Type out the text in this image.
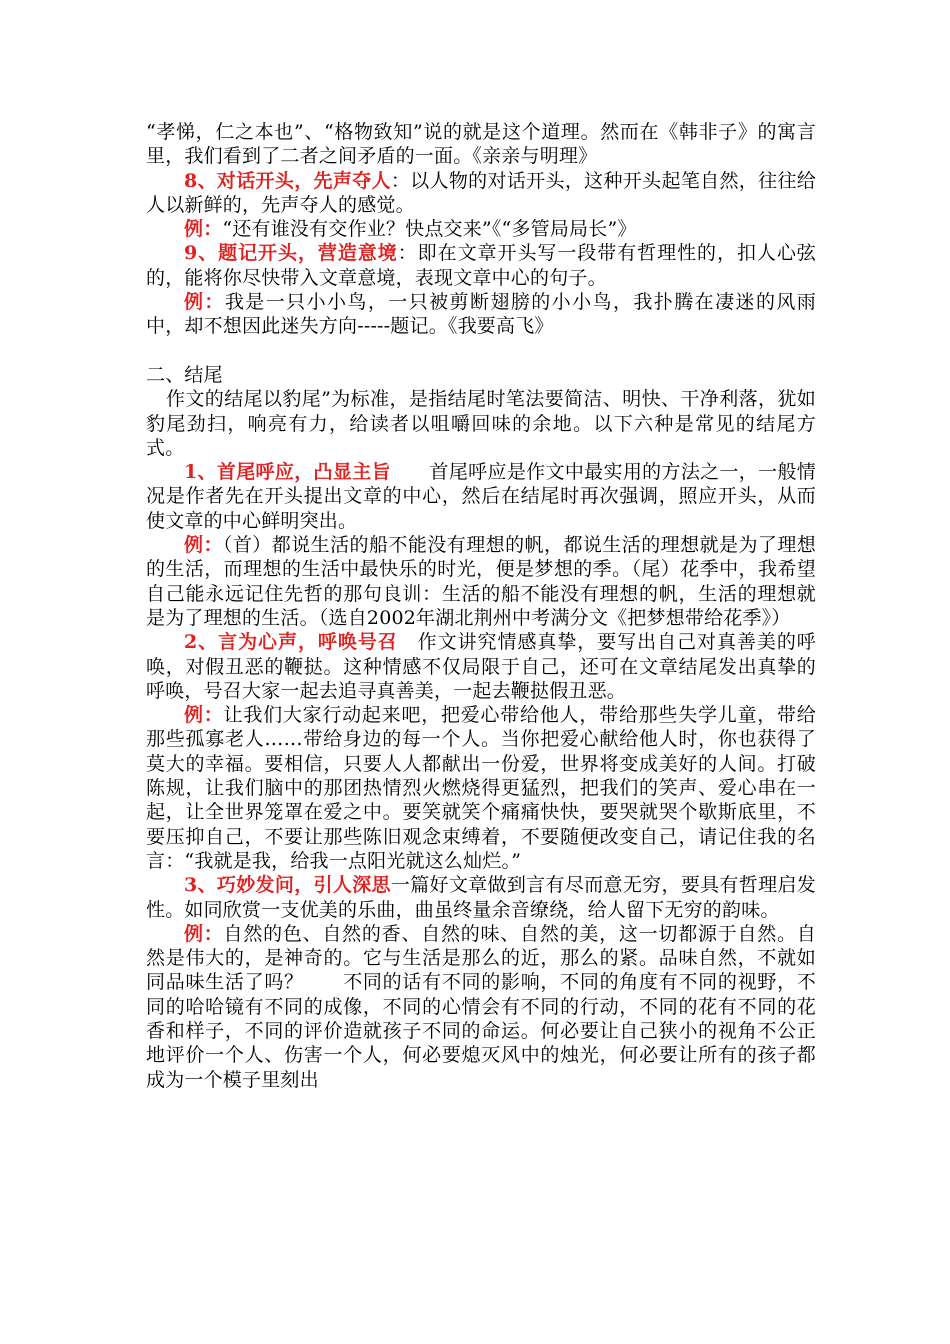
“孝悌，仁之本也”、“格物致知”说的就是这个道理。然而在《韩非子》的寓言里，我们看到了二者之间矛盾的一面。《亲亲与明理》

8、对话开头，先声夺人：以人物的对话开头，这种开头起笔自然，往往给人以新鲜的，先声夺人的感觉。

例：“还有谁没有交作业？快点交来”《“多管局局长”》

9、题记开头，营造意境：即在文章开头写一段带有哲理性的，扣人心弦的，能将你尽快带入文章意境，表现文章中心的句子。

例：我是一只小小鸟，一只被剪断翅膀的小小鸟，我扑腾在凄迷的风雨中，却不想因此迷失方向-----题记。《我要高飞》

二、结尾

作文的结尾以豹尾”为标准，是指结尾时笔法要简洁、明快、干净利落，犹如豹尾劲扫，响亮有力，给读者以咀嚼回味的余地。以下六种是常见的结尾方式。

1、首尾呼应，凸显主旨　　首尾呼应是作文中最实用的方法之一，一般情况是作者先在开头提出文章的中心，然后在结尾时再次强调，照应开头，从而使文章的中心鲜明突出。

例：（首）都说生活的船不能没有理想的帆，都说生活的理想就是为了理想的生活，而理想的生活中最快乐的时光，便是梦想的季。（尾）花季中，我希望自己能永远记住先哲的那句良训：生活的船不能没有理想的帆，生活的理想就是为了理想的生活。（选自2002年湖北荆州中考满分文《把梦想带给花季》）

2、言为心声，呼唤号召　作文讲究情感真挚，要写出自己对真善美的呼唤，对假丑恶的鞭挞。这种情感不仅局限于自己，还可在文章结尾发出真挚的呼唤，号召大家一起去追寻真善美，一起去鞭挞假丑恶。

例：让我们大家行动起来吧，把爱心带给他人，带给那些失学儿童，带给那些孤寡老人……带给身边的每一个人。当你把爱心献给他人时，你也获得了莫大的幸福。要相信，只要人人都献出一份爱，世界将变成美好的人间。打破陈规，让我们脑中的那团热情烈火燃烧得更猛烈，把我们的笑声、爱心串在一起，让全世界笼罩在爱之中。要笑就笑个痛痛快快，要哭就哭个歇斯底里，不要压抑自己，不要让那些陈旧观念束缚着，不要随便改变自己，请记住我的名言：“我就是我，给我一点阳光就这么灿烂。”

3、巧妙发问，引人深思一篇好文章做到言有尽而意无穷，要具有哲理启发性。如同欣赏一支优美的乐曲，曲虽终量余音缭绕，给人留下无穷的韵味。

例：自然的色、自然的香、自然的味、自然的美，这一切都源于自然。自然是伟大的，是神奇的。它与生活是那么的近，那么的紧。品味自然，不就如同品味生活了吗？　　不同的话有不同的影响，不同的角度有不同的视野，不同的哈哈镜有不同的成像，不同的心情会有不同的行动，不同的花有不同的花香和样子，不同的评价造就孩子不同的命运。何必要让自己狭小的视角不公正地评价一个人、伤害一个人，何必要熄灭风中的烛光，何必要让所有的孩子都成为一个模子里刻出
